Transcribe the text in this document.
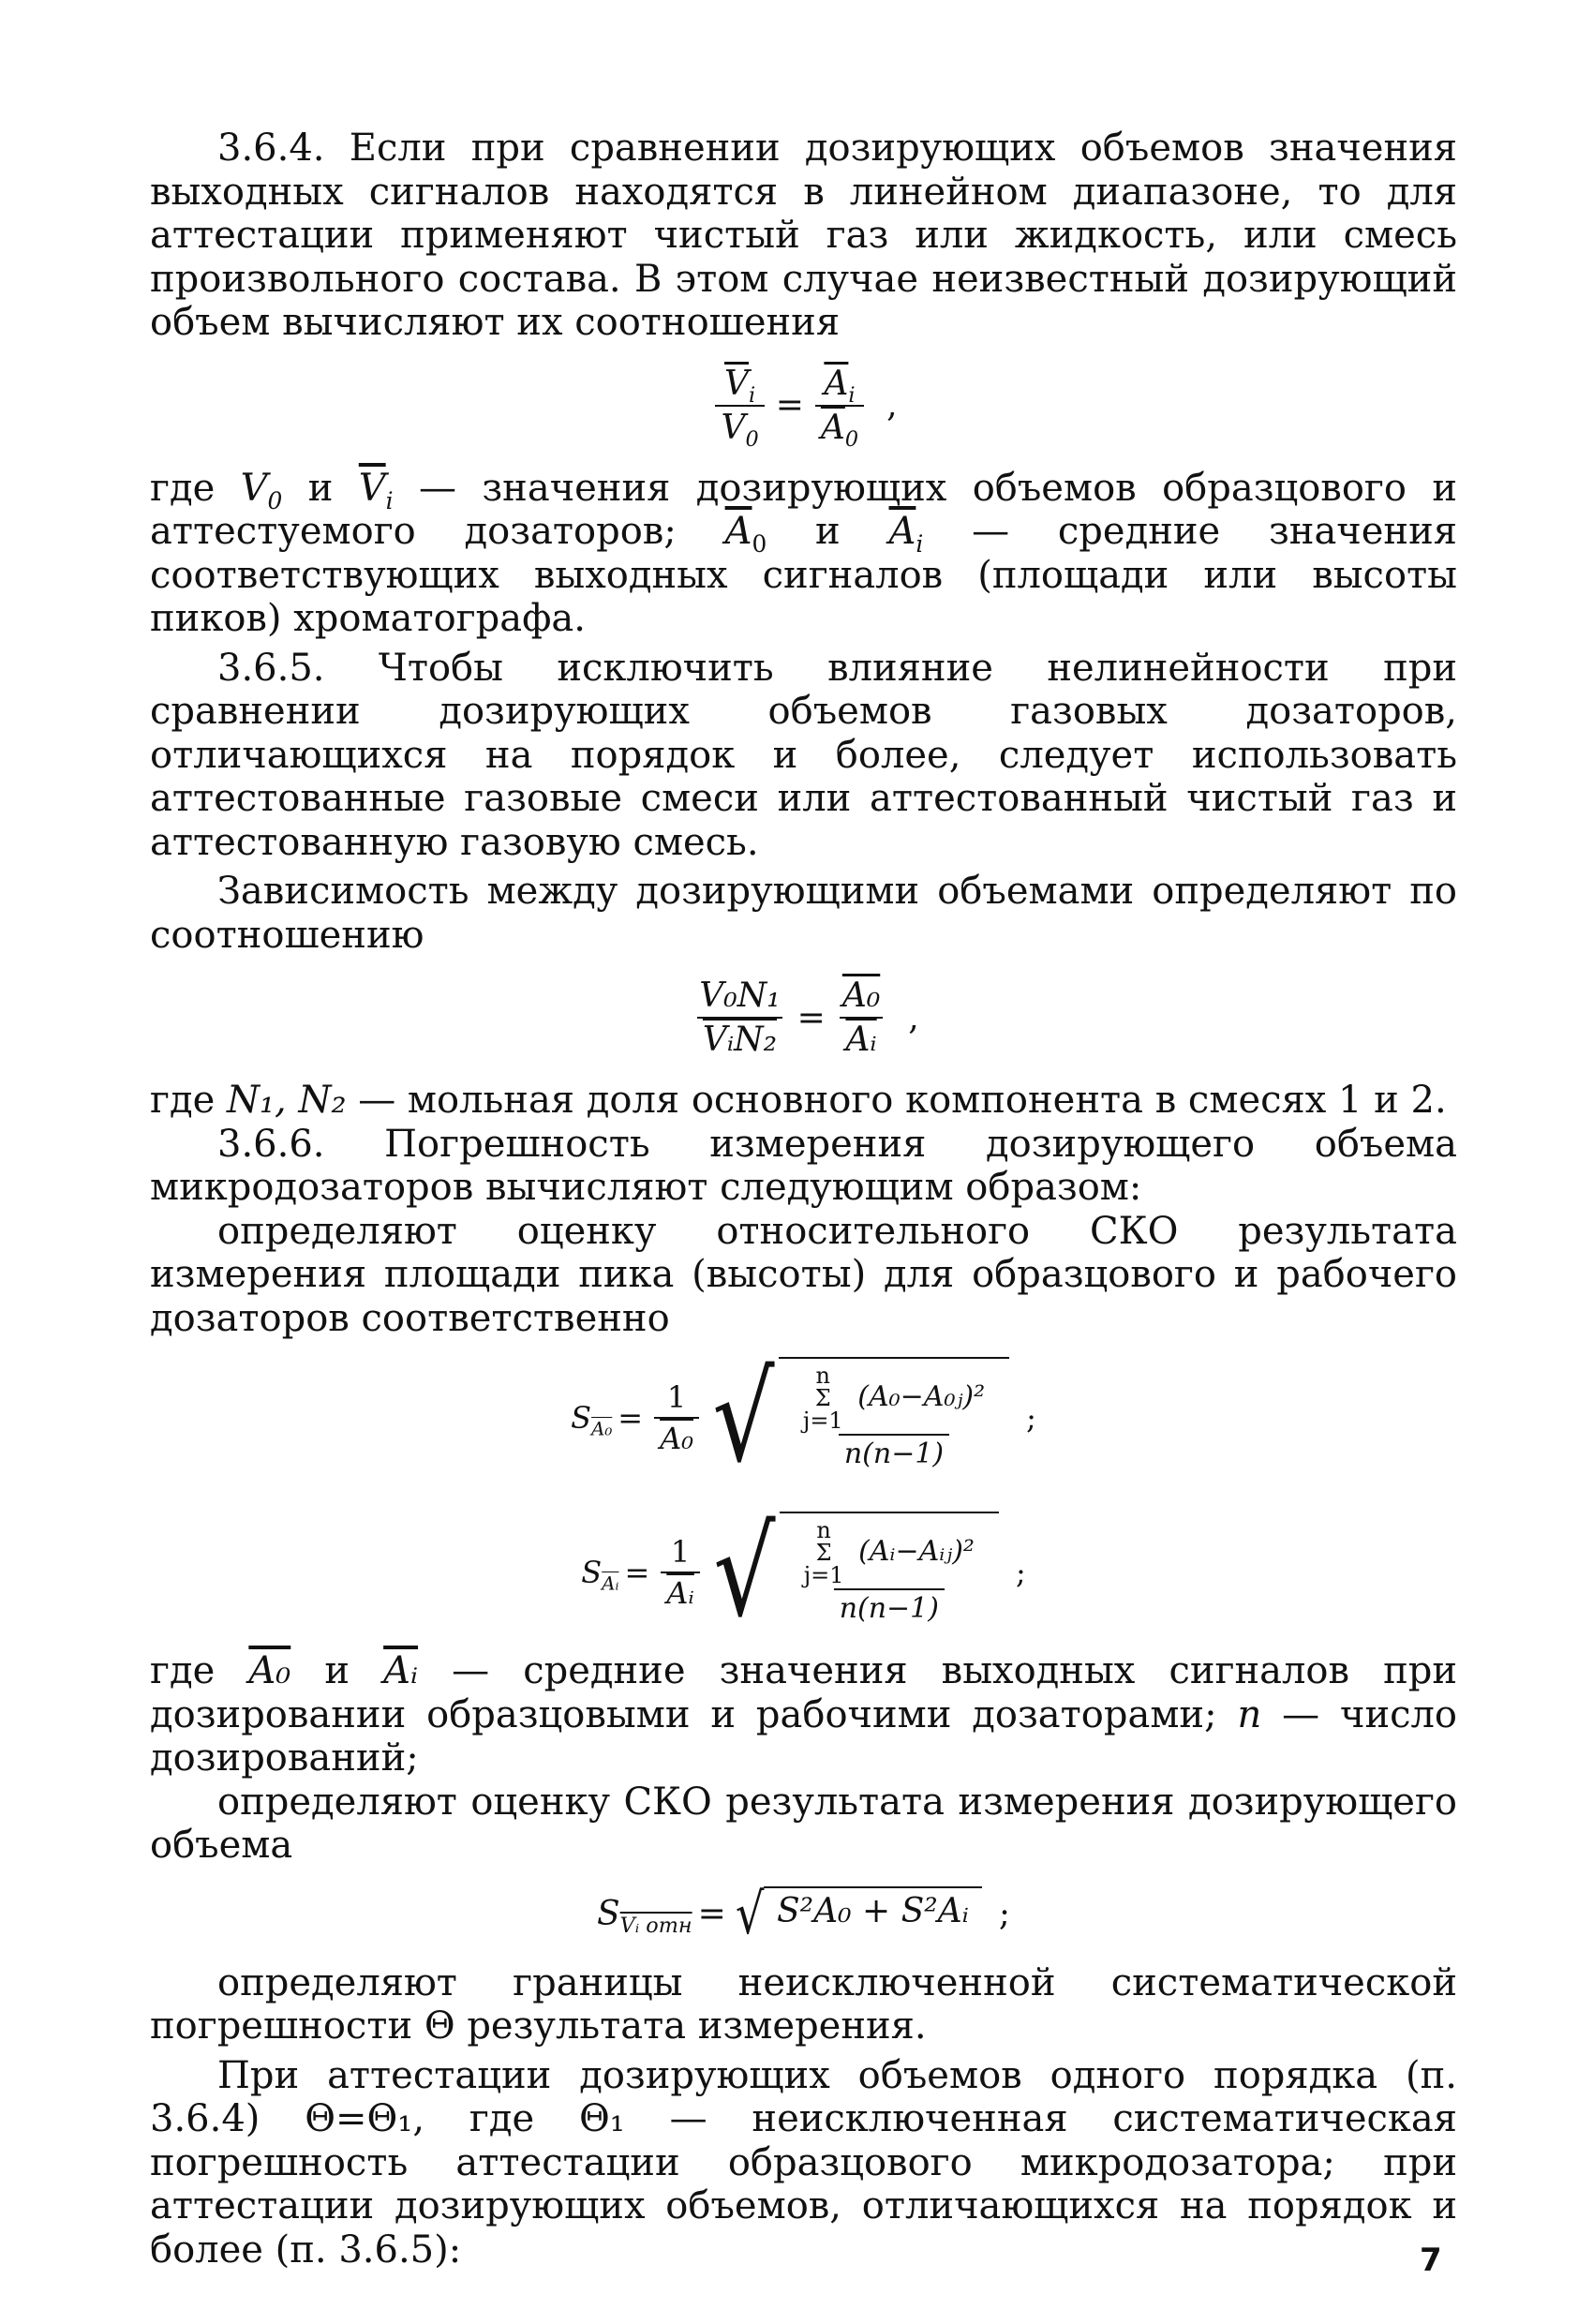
3.6.4. Если при сравнении дозирующих объемов значения выходных сигналов находятся в линейном диапазоне, то для аттестации применяют чистый газ или жидкость, или смесь произвольного состава. В этом случае неизвестный дозирующий объем вычисляют их соотношения

$\frac{\overline{V}_i}{V_0} = \frac{\overline{A}_i}{\overline{A}_0}$ ,

где $V_0$ и $\overline{V}_i$ — значения дозирующих объемов образцового и аттестуемого дозаторов; $\overline{A}_0$ и $\overline{A}_i$ — средние значения соответствующих выходных сигналов (площади или высоты пиков) хроматографа.

3.6.5. Чтобы исключить влияние нелинейности при сравнении дозирующих объемов газовых дозаторов, отличающихся на порядок и более, следует использовать аттестованные газовые смеси или аттестованный чистый газ и аттестованную газовую смесь.

Зависимость между дозирующими объемами определяют по соотношению

$\frac{\text{V₀N₁}}{\text{VᵢN₂}} = \frac{\text{A₀}}{\text{Aᵢ}}$ ,

где N₁, N₂ — мольная доля основного компонента в смесях 1 и 2.

3.6.6. Погрешность измерения дозирующего объема микродозаторов вычисляют следующим образом:

определяют оценку относительного СКО результата измерения площади пика (высоты) для образцового и рабочего дозаторов соответственно

$S_{A_0} = \frac{1}{\text{A₀}}$ √ n
Σ
j=1
(A₀−A₀ⱼ)²
n(n−1) ;
$S_{\overline{Aᵢ}} = \frac{1}{\text{Aᵢ}}$ √ n
Σ
j=1
(Aᵢ−Aᵢⱼ)²
n(n−1) ;

где A₀ и $\overline{Aᵢ}$ — средние значения выходных сигналов при дозировании образцовыми и рабочими дозаторами; n — число дозирований;

определяют оценку СКО результата измерения дозирующего объема

$S_{Vᵢ отн}$ = √ S²A₀ + S²Aᵢ ;

определяют границы неисключенной систематической погрешности Θ результата измерения.

При аттестации дозирующих объемов одного порядка (п. 3.6.4) Θ=Θ₁, где Θ₁ — неисключенная систематическая погрешность аттестации образцового микродозатора; при аттестации дозирующих объемов, отличающихся на порядок и более (п. 3.6.5):	7
